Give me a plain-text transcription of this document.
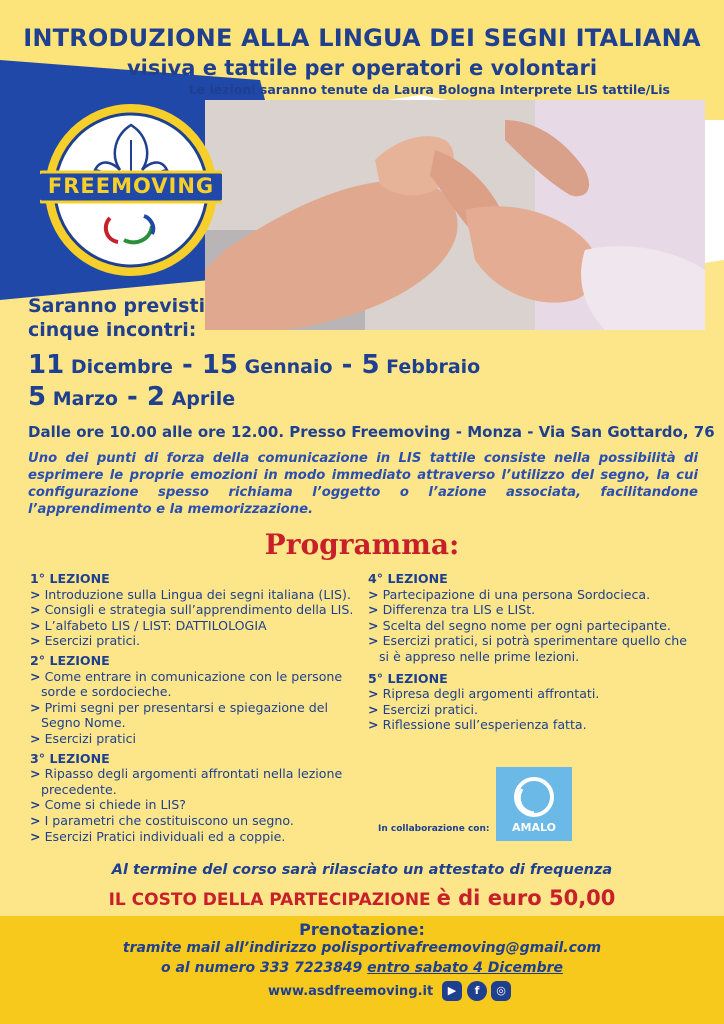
INTRODUZIONE ALLA LINGUA DEI SEGNI ITALIANA
visiva e tattile per operatori e volontari
Le lezioni saranno tenute da Laura Bologna Interprete LIS tattile/Lis
FREEMOVING
Saranno previsti
cinque incontri:
11 Dicembre - 15 Gennaio - 5 Febbraio
5 Marzo - 2 Aprile
Dalle ore 10.00 alle ore 12.00. Presso Freemoving - Monza - Via San Gottardo, 76
Uno dei punti di forza della comunicazione in LIS tattile consiste nella possibilità di esprimere le proprie emozioni in modo immediato attraverso l’utilizzo del segno, la cui configurazione spesso richiama l’oggetto o l’azione associata, facilitandone l’apprendimento e la memorizzazione.
Programma:
1° LEZIONE
> Introduzione sulla Lingua dei segni italiana (LIS).
> Consigli e strategia sull’apprendimento della LIS.
> L’alfabeto LIS / LIST: DATTILOLOGIA
> Esercizi pratici.
2° LEZIONE
> Come entrare in comunicazione con le persone sorde e sordocieche.
> Primi segni per presentarsi e spiegazione del Segno Nome.
> Esercizi pratici
3° LEZIONE
> Ripasso degli argomenti affrontati nella lezione precedente.
> Come si chiede in LIS?
> I parametri che costituiscono un segno.
> Esercizi Pratici individuali ed a coppie.
4° LEZIONE
> Partecipazione di una persona Sordocieca.
> Differenza tra LIS e LISt.
> Scelta del segno nome per ogni partecipante.
> Esercizi pratici, si potrà sperimentare quello che si è appreso nelle prime lezioni.
5° LEZIONE
> Ripresa degli argomenti affrontati.
> Esercizi pratici.
> Riflessione sull’esperienza fatta.
In collaborazione con:	AMALO
Al termine del corso sarà rilasciato un attestato di frequenza
IL COSTO DELLA PARTECIPAZIONE è di euro 50,00
Prenotazione:
tramite mail all’indirizzo polisportivafreemoving@gmail.com
o al numero 333 7223849 entro sabato 4 Dicembre
www.asdfreemoving.it	▶	f	◎
